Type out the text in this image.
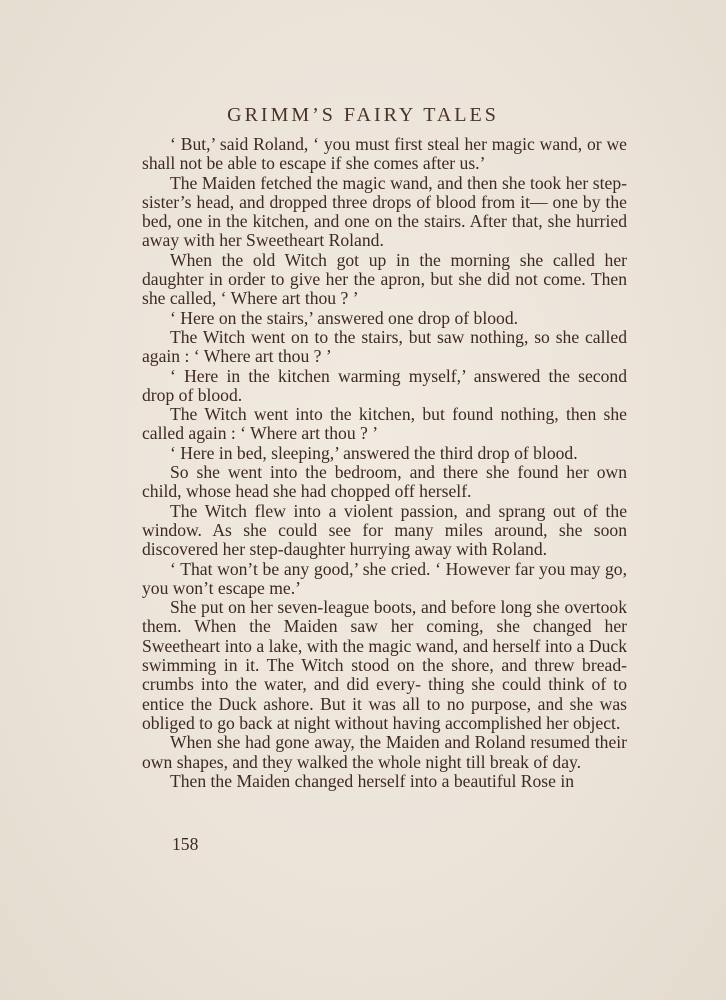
GRIMM’S FAIRY TALES

‘ But,’ said Roland, ‘ you must first steal her magic wand, or we shall not be able to escape if she comes after us.’

The Maiden fetched the magic wand, and then she took her step-sister’s head, and dropped three drops of blood from it— one by the bed, one in the kitchen, and one on the stairs. After that, she hurried away with her Sweetheart Roland.

When the old Witch got up in the morning she called her daughter in order to give her the apron, but she did not come. Then she called, ‘ Where art thou ? ’

‘ Here on the stairs,’ answered one drop of blood.

The Witch went on to the stairs, but saw nothing, so she called again : ‘ Where art thou ? ’

‘ Here in the kitchen warming myself,’ answered the second drop of blood.

The Witch went into the kitchen, but found nothing, then she called again : ‘ Where art thou ? ’

‘ Here in bed, sleeping,’ answered the third drop of blood.

So she went into the bedroom, and there she found her own child, whose head she had chopped off herself.

The Witch flew into a violent passion, and sprang out of the window. As she could see for many miles around, she soon discovered her step-daughter hurrying away with Roland.

‘ That won’t be any good,’ she cried. ‘ However far you may go, you won’t escape me.’

She put on her seven-league boots, and before long she overtook them. When the Maiden saw her coming, she changed her Sweetheart into a lake, with the magic wand, and herself into a Duck swimming in it. The Witch stood on the shore, and threw bread-crumbs into the water, and did every- thing she could think of to entice the Duck ashore. But it was all to no purpose, and she was obliged to go back at night without having accomplished her object.

When she had gone away, the Maiden and Roland resumed their own shapes, and they walked the whole night till break of day.

Then the Maiden changed herself into a beautiful Rose in

158
